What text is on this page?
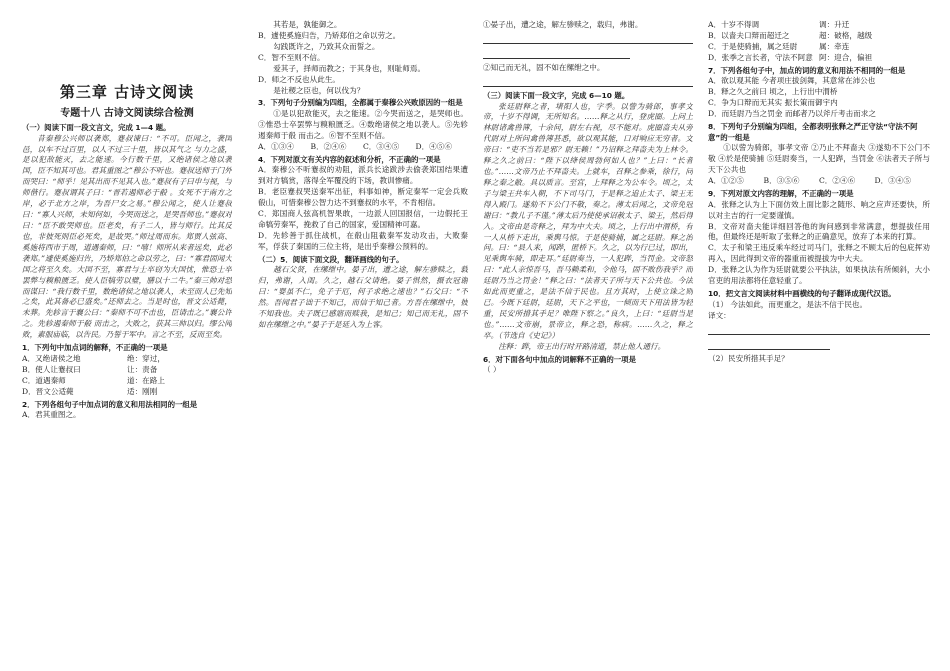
第三章 古诗文阅读
专题十八 古诗文阅读综合检测
（一）阅读下面一段文言文，完成 1—4 题。
昔秦穆公兴师以袭郑，蹇叔谏曰：“不可。臣闻之，袭国邑，以车不过百里，以人不过三十里，皆以其气之 与力之盛，是以犯敌能灭，去之能速。今行数千里，又绝诸侯之地以袭国，臣不知其可也。君其重图之”穆公不听也。蹇叔送师于门外而哭曰：“师乎！见其出而不见其入也。”蹇叔有子曰申与视，与师偕行。蹇叔谓其子曰：“晋若遏师必于殽 。女死不于南方之岸，必于北方之岸，为吾尸女之易。”穆公闻之，使人让蹇叔曰：“寡人兴师，未知何如，今哭而送之，是哭吾师也。”蹇叔对曰：“臣不敢哭师也。臣老矣，有子二人，皆与师行。比其反也，非彼死则臣必死矣，是故哭。”师过周而东。郑贾人弦高、奚施将西市于周，道遇秦师，曰：“嘻！师所从来者远矣，此必袭郑。”遽使奚施归告，乃矫郑伯之命以劳之，曰：“寡君固闻大国之将至久矣。大国不至，寡君与士卒窃为大国忧，惟恐士卒罢弊与糗粮匮乏。使人臣犒劳以璧，膳以十二牛。”秦三帅对恐而谋曰：“我行数千里，数绝诸侯之地以袭人，未至而人已先知之矣，此其备必已盛矣。”还师去之。当是时也，晋文公适薨，未葬。先轸言于襄公曰：“秦师不可不击也，臣请击之。”襄公许之。先轸遏秦师于殽 而击之，大败之，获其三帅以归。缪公闻败，素服庙临，以告民。乃誓于军中。言之不至，反而至矣。
1．下列句中加点词的解释，不正确的一项是
A．又绝诸侯之地	绝：穿过，
B．使人让蹇叔曰	让：责备
C．道遇秦师	道：在路上
D．晋文公适薨	适：刚刚
2．下列各组句子中加点词的意义和用法相同的一组是
A．君其重图之。
其若是，孰能御之。
B．遽使奚施归告，乃矫郑伯之命以劳之。
勾践既许之，乃致其众而誓之。
C．智不至则不信。
爱其子，择师而教之；于其身也，则耻师焉。
D．师之不反也从此生。
是社稷之臣也，何以伐为？
3．下列句子分别编为四组，全都属于秦穆公兴败原因的一组是
①是以犯敌能灭，去之能速。②今哭而送之，是哭师也。③惟恐士卒罢弊与糗粮匮乏。④数绝诸侯之地以袭人。⑤先轸遏秦师于殽 而击之。⑥智不至则不信。
A．①③④	B．②④⑥	C．③④⑤	D．④⑤⑥
4．下列对原文有关内容的叙述和分析，不正确的一项是
A．秦穆公不听蹇叔的劝阻，派兵长途跋涉去偷袭郑国结果遭到对方犒赏，落得全军覆没的下场，教训惨痛。
B．老臣蹇叔哭送秦军出征，料事如神，断定秦军一定会兵败殽山，可惜秦穆公智力达不到蹇叔的水平，不肯相信。
C．郑国商人弦高机智果敢，一边派人回国报信，一边假托王命犒劳秦军，挽救了自己的国家，爱国精神可嘉。
D．先轸善于抓住战机，在殽山阻截秦军发动攻击，大败秦军，俘获了秦国的三位主将，是出乎秦穆公预料的。
（二）5．阅读下面文段，翻译画线的句子。
越石父贤，在缧绁中。晏子出，遭之途，解左骖赎之，载归，弗谢，入闺。久之，越石父请绝。晏子惧然，摄衣冠谢曰：“婴虽不仁，免子于厄，何子求绝之速也？”石父曰：“不然。吾闻君子诎于不知己，而信于知己者。方吾在缧绁中，彼不知我也。夫子既已感寤而赎我，是知己；知己而无礼，固不如在缧绁之中。”晏子于是延入为上客。
①晏子出，遭之途，解左骖赎之，载归，弗谢。
②知己而无礼，固不如在缧绁之中。
（三）阅读下面一段文字，完成 6—10 题。
张廷尉释之者，堵阳人也，字季。以訾为骑郎，事孝文帝，十岁不得调，无所知名。……释之从行，登虎圈。上问上林尉诸禽兽簿，十余问，尉左右视，尽不能对。虎圈啬夫从旁代尉对上所问禽兽簿甚悉，欲以观其能，口对响应无穷者。文帝曰：“吏不当若是邪？尉无赖！”乃诏释之拜啬夫为上林令。释之久之前曰：“陛下以绛侯周勃何如人也？”上曰：“长者也。”……文帝乃止不拜啬夫。上就车，召释之参乘，徐行，问释之秦之敝。具以质言。至宫，上拜释之为公车令。顷之，太子与梁王共车入朝，不下司马门，于是释之追止太子、梁王无得入殿门。遂劾不下公门不敬，奏之。薄太后闻之，文帝免冠谢曰：“教儿子不谨。”薄太后乃使使承诏赦太子、梁王，然后得入。文帝由是奇释之，拜为中大夫。顷之，上行出中渭桥，有一人从桥下走出，乘舆马惊。于是使骑捕，属之廷尉。释之治问。曰：“县人来，闻跸，匿桥下。久之，以为行已过，即出，见乘舆车骑，即走耳。”廷尉奏当，一人犯跸，当罚金。文帝怒曰：“此人亲惊吾马，吾马赖柔和，令他马，固不败伤我乎？而廷尉乃当之罚金！”释之曰：“法者天子所与天下公共也。今法如此而更重之，是法不信于民也。且方其时，上使立诛之则已。今既下廷尉，廷尉，天下之平也，一倾而天下用法皆为轻重，民安所措其手足？唯陛下察之。”良久，上曰：“廷尉当是也。”……文帝崩，景帝立，释之恐，称病。……久之，释之卒。（节选自《史记》）
注释：跸，帝王出行时开路清道，禁止他人通行。
6．对下面各句中加点的词解释不正确的一项是
（ ）
A．十岁不得调	调：升迁
B．以啬夫口辩而超迁之	超：破格，越级
C．于是使骑捕，属之廷尉	属：牵连
D．张季之言长者，守法不阿意 阿：迎合，偏袒
7．下列各组句子中，加点的词的意义和用法不相同的一组是
A．欲以观其能 今者项庄拔剑舞，其意常在沛公也
B．释之久之前曰 顷之，上行出中渭桥
C．争为口辩而无其实 振长策而御宇内
D．而廷尉乃当之罚金 而邮者乃以斧斤考击而求之
8．下列句子分别编为四组，全都表明张释之严正守法“守法不阿意”的一组是
①以訾为骑郎，事孝文帝 ②乃止不拜啬夫 ③遂劾不下公门不敬 ④於是使骑捕 ⑤廷尉奏当，一人犯跸，当罚金 ⑥法者天子所与天下公共也
A．①②⑤	B．③⑤⑥	C．②④⑥	D．③④⑤
9．下列对原文内容的理解，不正确的一项是
A．张释之认为上下面仿效上面比影之随形、响之应声还要快，所以对主吉的行一定要谨慎。
B．文帝对啬夫能详细回答他的询问感到非常满意，想提拔任用他，但最终还是听取了张释之的正确意见，放弃了本来的打算。
C．太子和梁王违反乘车经过司马门，张释之不顾太后的包庇挥劝再入，因此得到文帝的器重而被提拔为中大夫。
D．张释之认为作为廷尉就要公平执法，如果执法有所倾斜，大小官吏的用法都将任意轻重了。
10．把文言文阅读材料中画横线的句子翻译成现代汉语。
（1） 今法如此，而更重之，是法不信于民也。
译文：
（2）民安所措其手足？
